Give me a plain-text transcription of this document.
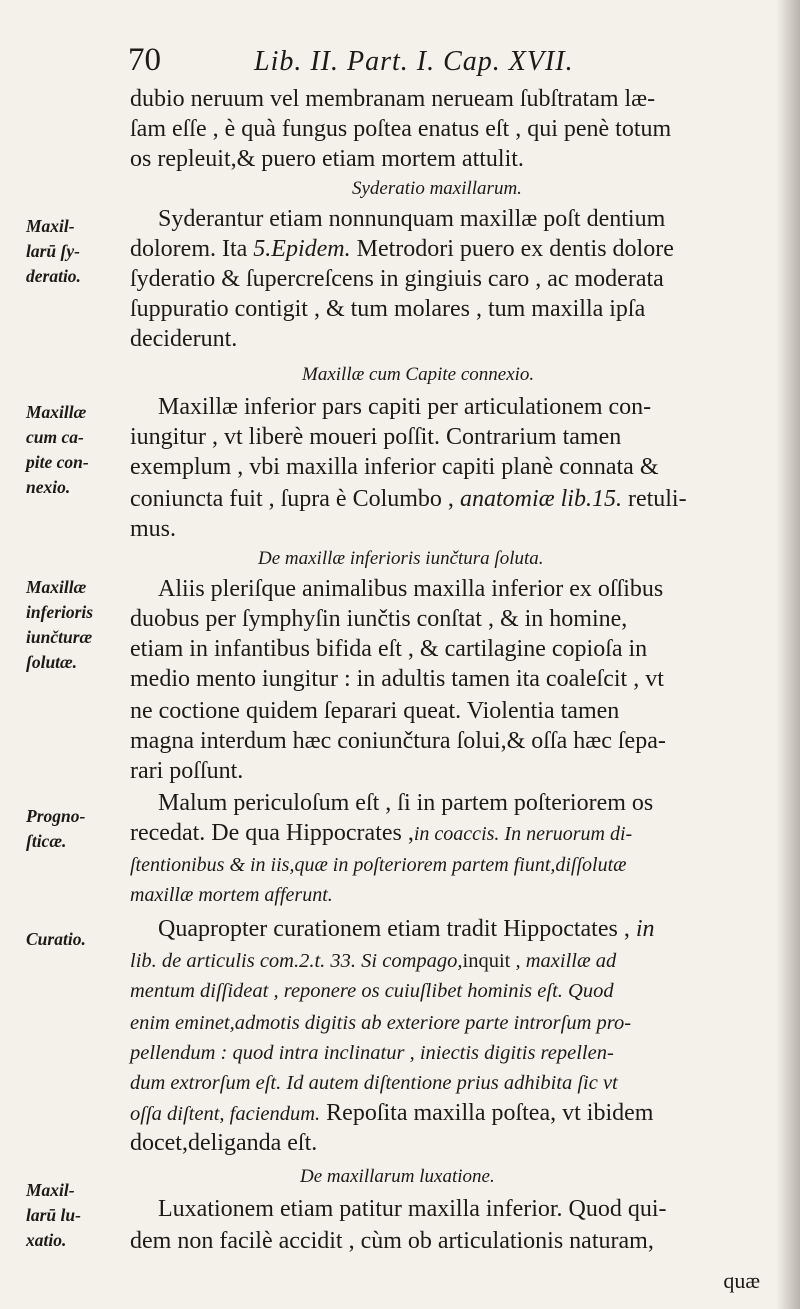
70	Lib. II. Part. I. Cap. XVII.
Maxil-
larū ſy-
deratio.
Maxillæ
cum ca-
pite con-
nexio.
Maxillæ
inferioris
iunčturæ
ſolutæ.
Progno-
ſticæ.
Curatio.
Maxil-
larū lu-
xatio.
dubio neruum vel membranam nerueam ſubſtratam læ-
ſam eſſe , è quà fungus poſtea enatus eſt , qui penè totum
os repleuit,& puero etiam mortem attulit.
Syderatio maxillarum.
Syderantur etiam nonnunquam maxillæ poſt dentium
dolorem. Ita 5.Epidem. Metrodori puero ex dentis dolore
ſyderatio & ſupercreſcens in gingiuis caro , ac moderata
ſuppuratio contigit , & tum molares , tum maxilla ipſa
deciderunt.
Maxillæ cum Capite connexio.
Maxillæ inferior pars capiti per articulationem con-
iungitur , vt liberè moueri poſſit. Contrarium tamen
exemplum , vbi maxilla inferior capiti planè connata &
coniuncta fuit , ſupra è Columbo , anatomiæ lib.15. retuli-
mus.
De maxillæ inferioris iunčtura ſoluta.
Aliis pleriſque animalibus maxilla inferior ex oſſibus
duobus per ſymphyſin iunčtis conſtat , & in homine,
etiam in infantibus bifida eſt , & cartilagine copioſa in
medio mento iungitur : in adultis tamen ita coaleſcit , vt
ne coctione quidem ſeparari queat. Violentia tamen
magna interdum hæc coniunčtura ſolui,& oſſa hæc ſepa-
rari poſſunt.
Malum periculoſum eſt , ſi in partem poſteriorem os
recedat. De qua Hippocrates ,in coaccis. In neruorum di-
ſtentionibus & in iis,quæ in poſteriorem partem fiunt,diſſolutæ
maxillæ mortem afferunt.
Quapropter curationem etiam tradit Hippoctates , in
lib. de articulis com.2.t. 33. Si compago,inquit , maxillæ ad
mentum diſſideat , reponere os cuiuſlibet hominis eſt. Quod
enim eminet,admotis digitis ab exteriore parte introrſum pro-
pellendum : quod intra inclinatur , iniectis digitis repellen-
dum extrorſum eſt. Id autem diſtentione prius adhibita ſic vt
oſſa diſtent, faciendum. Repoſita maxilla poſtea, vt ibidem
docet,deliganda eſt.
De maxillarum luxatione.
Luxationem etiam patitur maxilla inferior. Quod qui-
dem non facilè accidit , cùm ob articulationis naturam,
quæ
